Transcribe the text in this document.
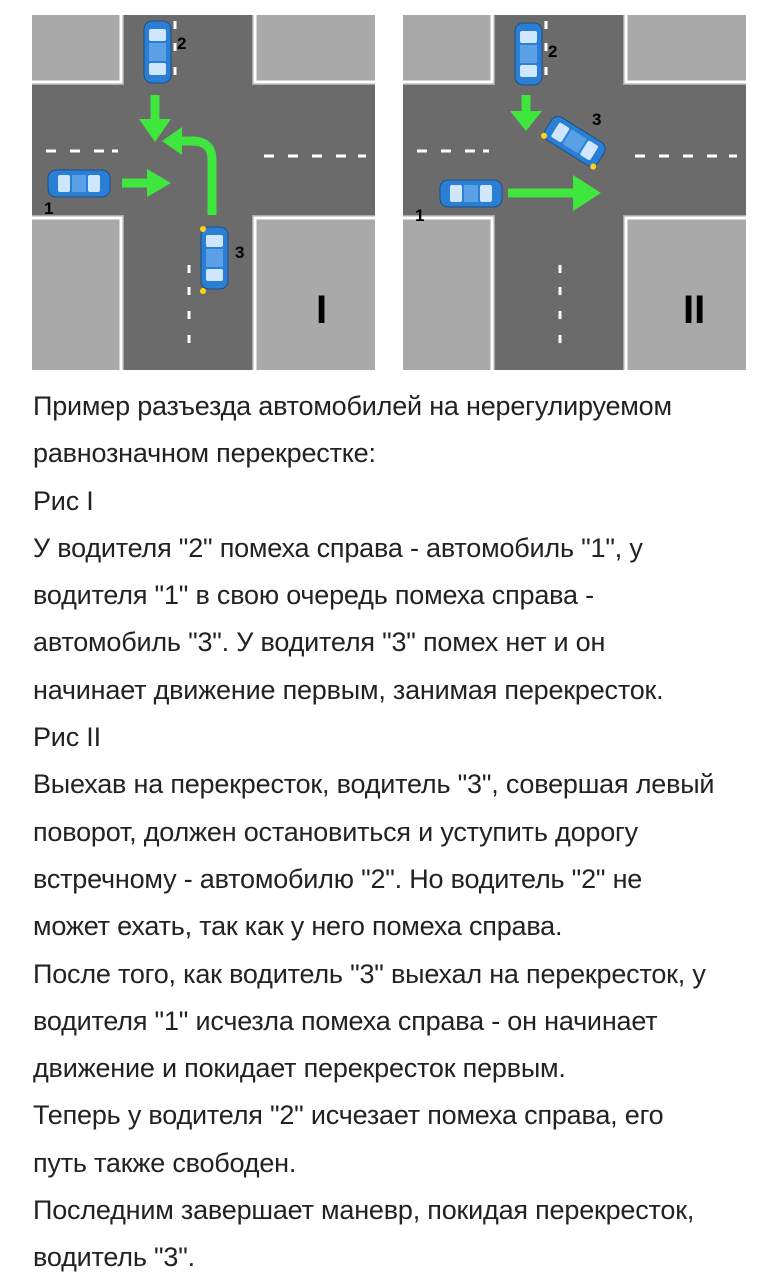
2
1
3
I
2
1
3
II
Пример разъезда автомобилей на нерегулируемом
равнозначном перекрестке:
Рис I
У водителя "2" помеха справа - автомобиль "1", у
водителя "1" в свою очередь помеха справа -
автомобиль "3". У водителя "3" помех нет и он
начинает движение первым, занимая перекресток.
Рис II
Выехав на перекресток, водитель "3", совершая левый
поворот, должен остановиться и уступить дорогу
встречному - автомобилю "2". Но водитель "2" не
может ехать, так как у него помеха справа.
После того, как водитель "3" выехал на перекресток, у
водителя "1" исчезла помеха справа - он начинает
движение и покидает перекресток первым.
Теперь у водителя "2" исчезает помеха справа, его
путь также свободен.
Последним завершает маневр, покидая перекресток,
водитель "3".
